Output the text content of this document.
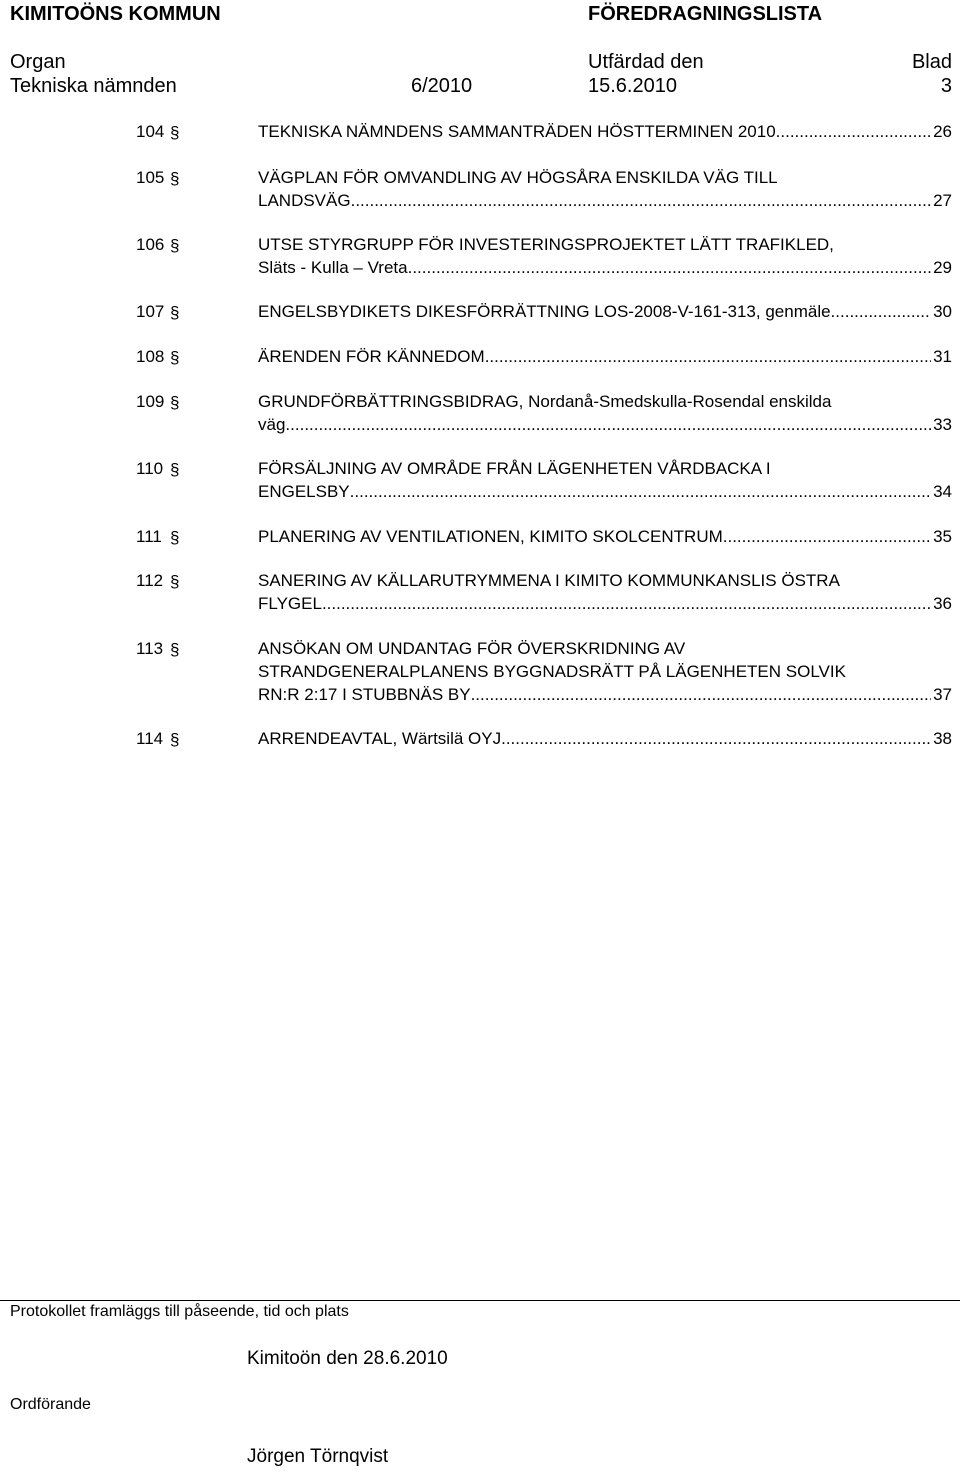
KIMITOÖNS KOMMUN	FÖREDRAGNINGSLISTA
Organ	Utfärdad den	Blad
Tekniska nämnden	6/2010	15.6.2010	3
104 §	TEKNISKA NÄMNDENS SAMMANTRÄDEN HÖSTTERMINEN 2010. .....	26
105 §	VÄGPLAN FÖR OMVANDLING AV HÖGSÅRA ENSKILDA VÄG TILL
LANDSVÄG .....	27
106 §	UTSE STYRGRUPP FÖR INVESTERINGSPROJEKTET LÄTT TRAFIKLED,
Släts - Kulla – Vreta .....	29
107 §	ENGELSBYDIKETS DIKESFÖRRÄTTNING LOS-2008-V-161-313, genmäle .....	30
108 §	ÄRENDEN FÖR KÄNNEDOM .....	31
109 §	GRUNDFÖRBÄTTRINGSBIDRAG, Nordanå-Smedskulla-Rosendal enskilda
väg .....	33
110 §	FÖRSÄLJNING AV OMRÅDE FRÅN LÄGENHETEN VÅRDBACKA I
ENGELSBY .....	34
111 §	PLANERING AV VENTILATIONEN, KIMITO SKOLCENTRUM .....	35
112 §	SANERING AV KÄLLARUTRYMMENA I KIMITO KOMMUNKANSLIS ÖSTRA
FLYGEL .....	36
113 §	ANSÖKAN OM UNDANTAG FÖR ÖVERSKRIDNING AV
STRANDGENERALPLANENS BYGGNADSRÄTT PÅ LÄGENHETEN SOLVIK
RN:R 2:17 I STUBBNÄS BY .....	37
114 §	ARRENDEAVTAL, Wärtsilä OYJ .....	38
Protokollet framläggs till påseende, tid och plats
Kimitoön den 28.6.2010
Ordförande
Jörgen Törnqvist
